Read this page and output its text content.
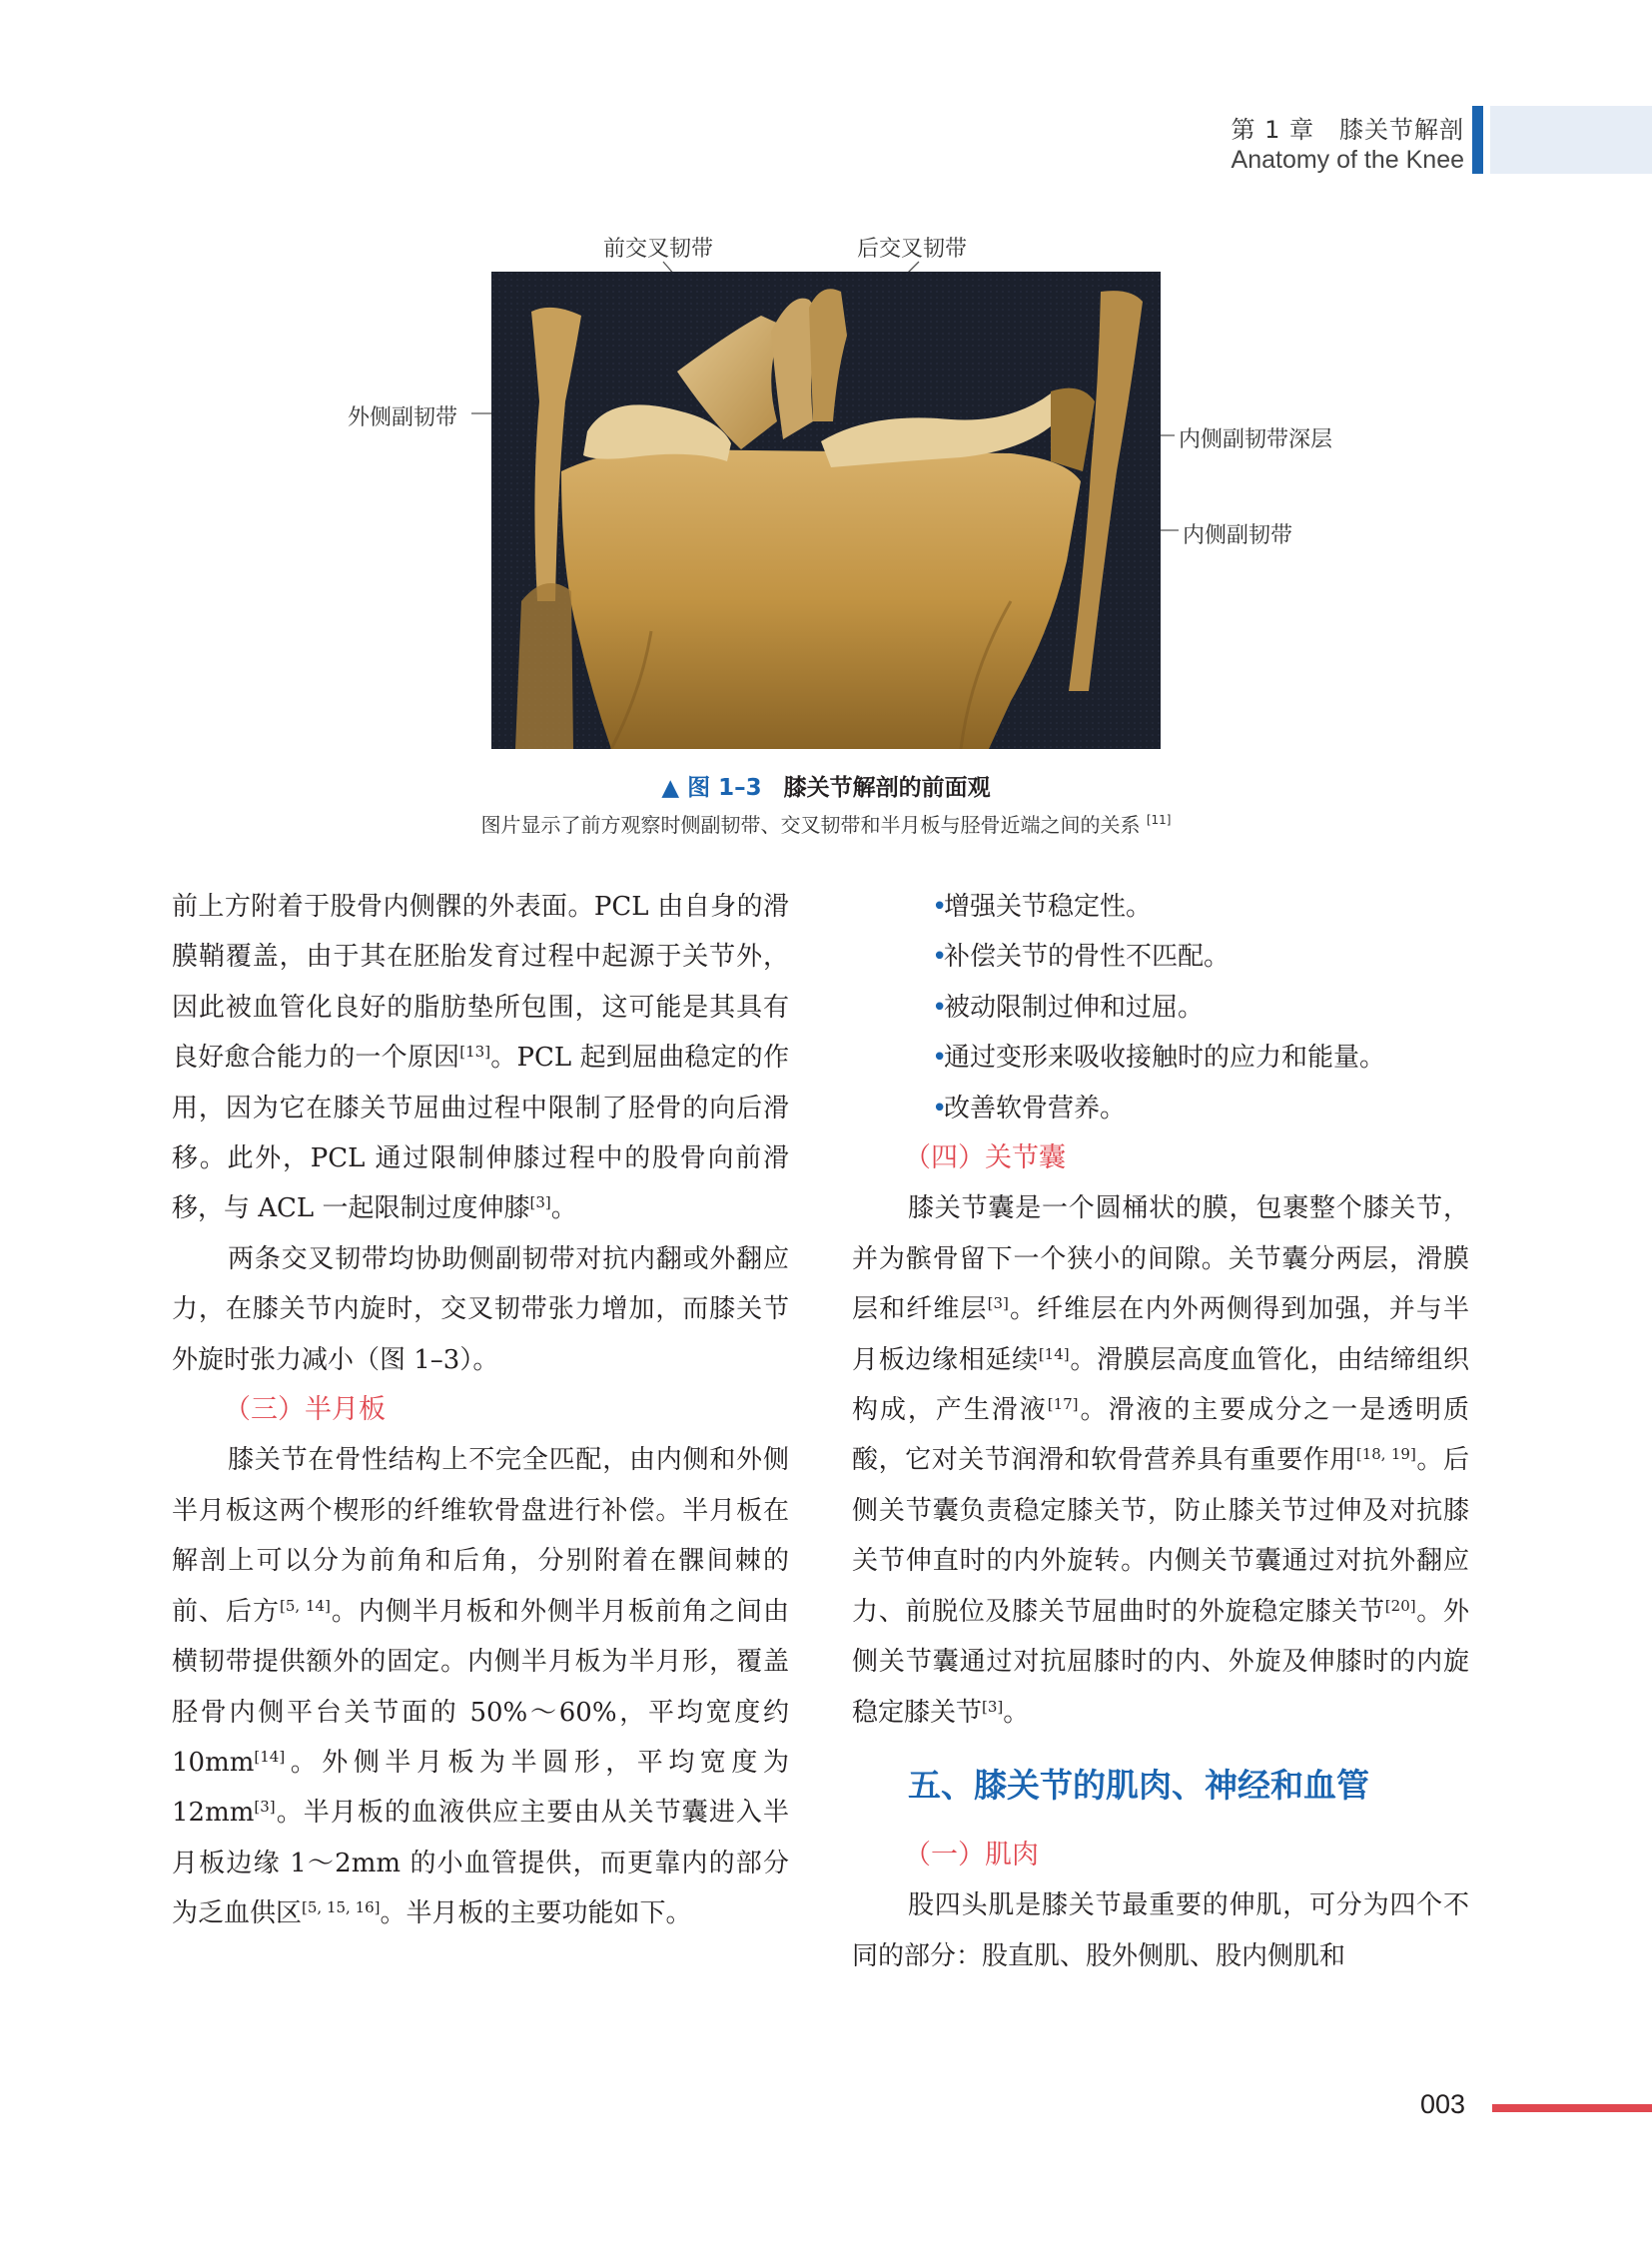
第 1 章　膝关节解剖
Anatomy of the Knee
前交叉韧带	后交叉韧带
外侧副韧带
内侧副韧带深层
内侧副韧带
▲ 图 1–3 膝关节解剖的前面观
图片显示了前方观察时侧副韧带、交叉韧带和半月板与胫骨近端之间的关系 [11]

前上方附着于股骨内侧髁的外表面。PCL 由自身的滑膜鞘覆盖，由于其在胚胎发育过程中起源于关节外，因此被血管化良好的脂肪垫所包围，这可能是其具有良好愈合能力的一个原因[13]。PCL 起到屈曲稳定的作用，因为它在膝关节屈曲过程中限制了胫骨的向后滑移。此外，PCL 通过限制伸膝过程中的股骨向前滑移，与 ACL 一起限制过度伸膝[3]。

两条交叉韧带均协助侧副韧带对抗内翻或外翻应力，在膝关节内旋时，交叉韧带张力增加，而膝关节外旋时张力减小（图 1–3）。

（三）半月板

膝关节在骨性结构上不完全匹配，由内侧和外侧半月板这两个楔形的纤维软骨盘进行补偿。半月板在解剖上可以分为前角和后角，分别附着在髁间棘的前、后方[5, 14]。内侧半月板和外侧半月板前角之间由横韧带提供额外的固定。内侧半月板为半月形，覆盖胫骨内侧平台关节面的 50%～60%，平均宽度约 10mm[14]。外侧半月板为半圆形，平均宽度为 12mm[3]。半月板的血液供应主要由从关节囊进入半月板边缘 1～2mm 的小血管提供，而更靠内的部分为乏血供区[5, 15, 16]。半月板的主要功能如下。

•
增强关节稳定性。

•
补偿关节的骨性不匹配。

•
被动限制过伸和过屈。

•
通过变形来吸收接触时的应力和能量。

•
改善软骨营养。

（四）关节囊

膝关节囊是一个圆桶状的膜，包裹整个膝关节，并为髌骨留下一个狭小的间隙。关节囊分两层，滑膜层和纤维层[3]。纤维层在内外两侧得到加强，并与半月板边缘相延续[14]。滑膜层高度血管化，由结缔组织构成，产生滑液[17]。滑液的主要成分之一是透明质酸，它对关节润滑和软骨营养具有重要作用[18, 19]。后侧关节囊负责稳定膝关节，防止膝关节过伸及对抗膝关节伸直时的内外旋转。内侧关节囊通过对抗外翻应力、前脱位及膝关节屈曲时的外旋稳定膝关节[20]。外侧关节囊通过对抗屈膝时的内、外旋及伸膝时的内旋稳定膝关节[3]。

五、膝关节的肌肉、神经和血管

（一）肌肉

股四头肌是膝关节最重要的伸肌，可分为四个不同的部分：股直肌、股外侧肌、股内侧肌和

003
